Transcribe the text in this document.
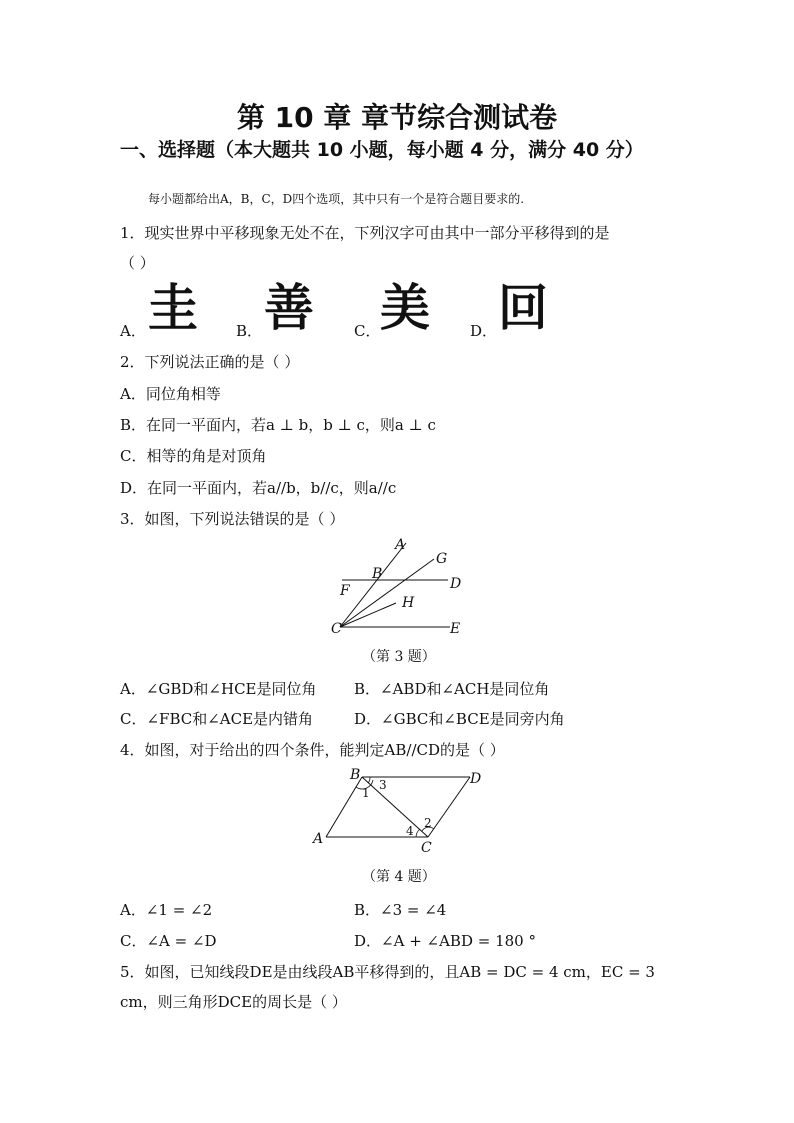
第 10 章 章节综合测试卷
一、选择题（本大题共 10 小题，每小题 4 分，满分 40 分）
每小题都给出A，B，C，D四个选项，其中只有一个是符合题目要求的.
1．现实世界中平移现象无处不在，下列汉字可由其中一部分平移得到的是
（ ）
A． 圭	B． 善	C． 美	D． 回
2．下列说法正确的是（ ）
A．同位角相等
B．在同一平面内，若a ⊥ b，b ⊥ c，则a ⊥ c
C．相等的角是对顶角
D．在同一平面内，若a//b，b//c，则a//c
3．如图，下列说法错误的是（ ）
A
G
B
D
F
H
C	E
（第 3 题）
A．∠GBD和∠HCE是同位角 B．∠ABD和∠ACH是同位角
C．∠FBC和∠ACE是内错角	D．∠GBC和∠BCE是同旁内角
4．如图，对于给出的四个条件，能判定AB//CD的是（ ）
B
3	D
1
4
2
A
C
（第 4 题）
A．∠1 = ∠2	B．∠3 = ∠4
C．∠A = ∠D	D．∠A + ∠ABD = 180 °
5．如图，已知线段DE是由线段AB平移得到的，且AB = DC = 4 cm，EC = 3
cm，则三角形DCE的周长是（ ）
